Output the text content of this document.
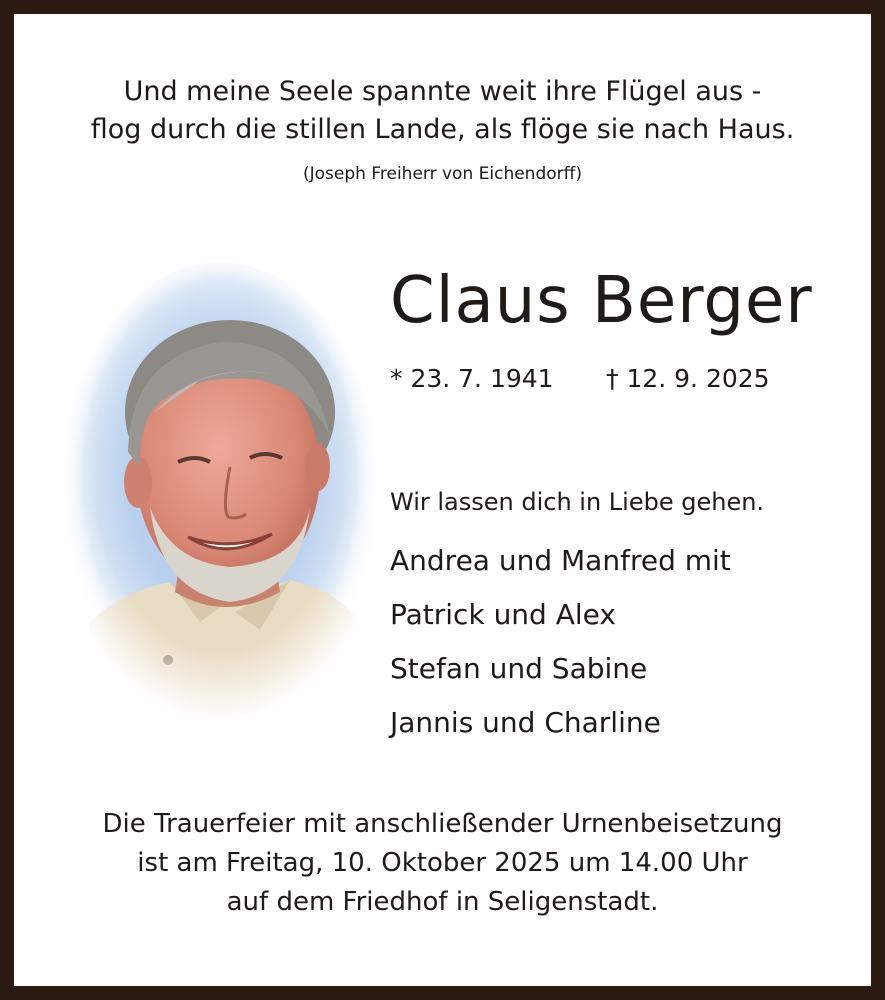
Und meine Seele spannte weit ihre Flügel aus -
flog durch die stillen Lande, als flöge sie nach Haus.
(Joseph Freiherr von Eichendorff)
Claus Berger
* 23. 7. 1941 † 12. 9. 2025
Wir lassen dich in Liebe gehen.
Andrea und Manfred mit
Patrick und Alex
Stefan und Sabine
Jannis und Charline
Die Trauerfeier mit anschließender Urnenbeisetzung
ist am Freitag, 10. Oktober 2025 um 14.00 Uhr
auf dem Friedhof in Seligenstadt.
